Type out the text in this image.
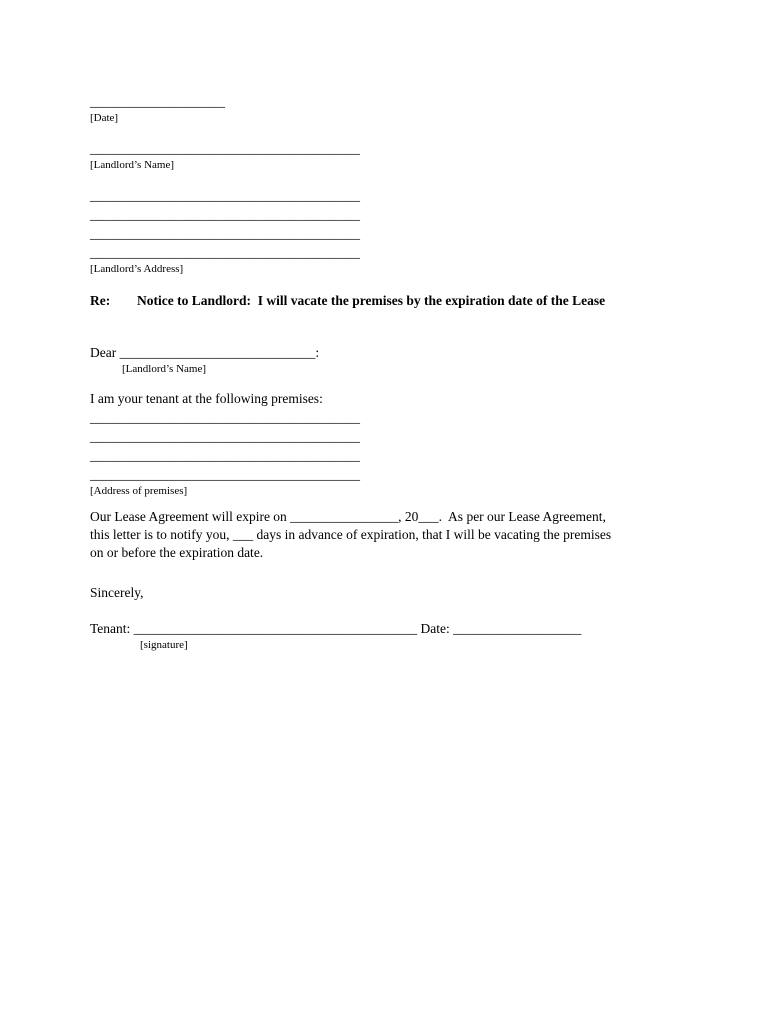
____________________
[Date]
________________________________________
[Landlord’s Name]
________________________________________
________________________________________
________________________________________
________________________________________
[Landlord’s Address]
Re: Notice to Landlord:  I will vacate the premises by the expiration date of the Lease
Dear _____________________________:
[Landlord’s Name]
I am your tenant at the following premises:
________________________________________
________________________________________
________________________________________
________________________________________
[Address of premises]
Our Lease Agreement will expire on ________________, 20___.  As per our Lease Agreement,
this letter is to notify you, ___ days in advance of expiration, that I will be vacating the premises
on or before the expiration date.
Sincerely,
Tenant: __________________________________________ Date: ___________________
[signature]
